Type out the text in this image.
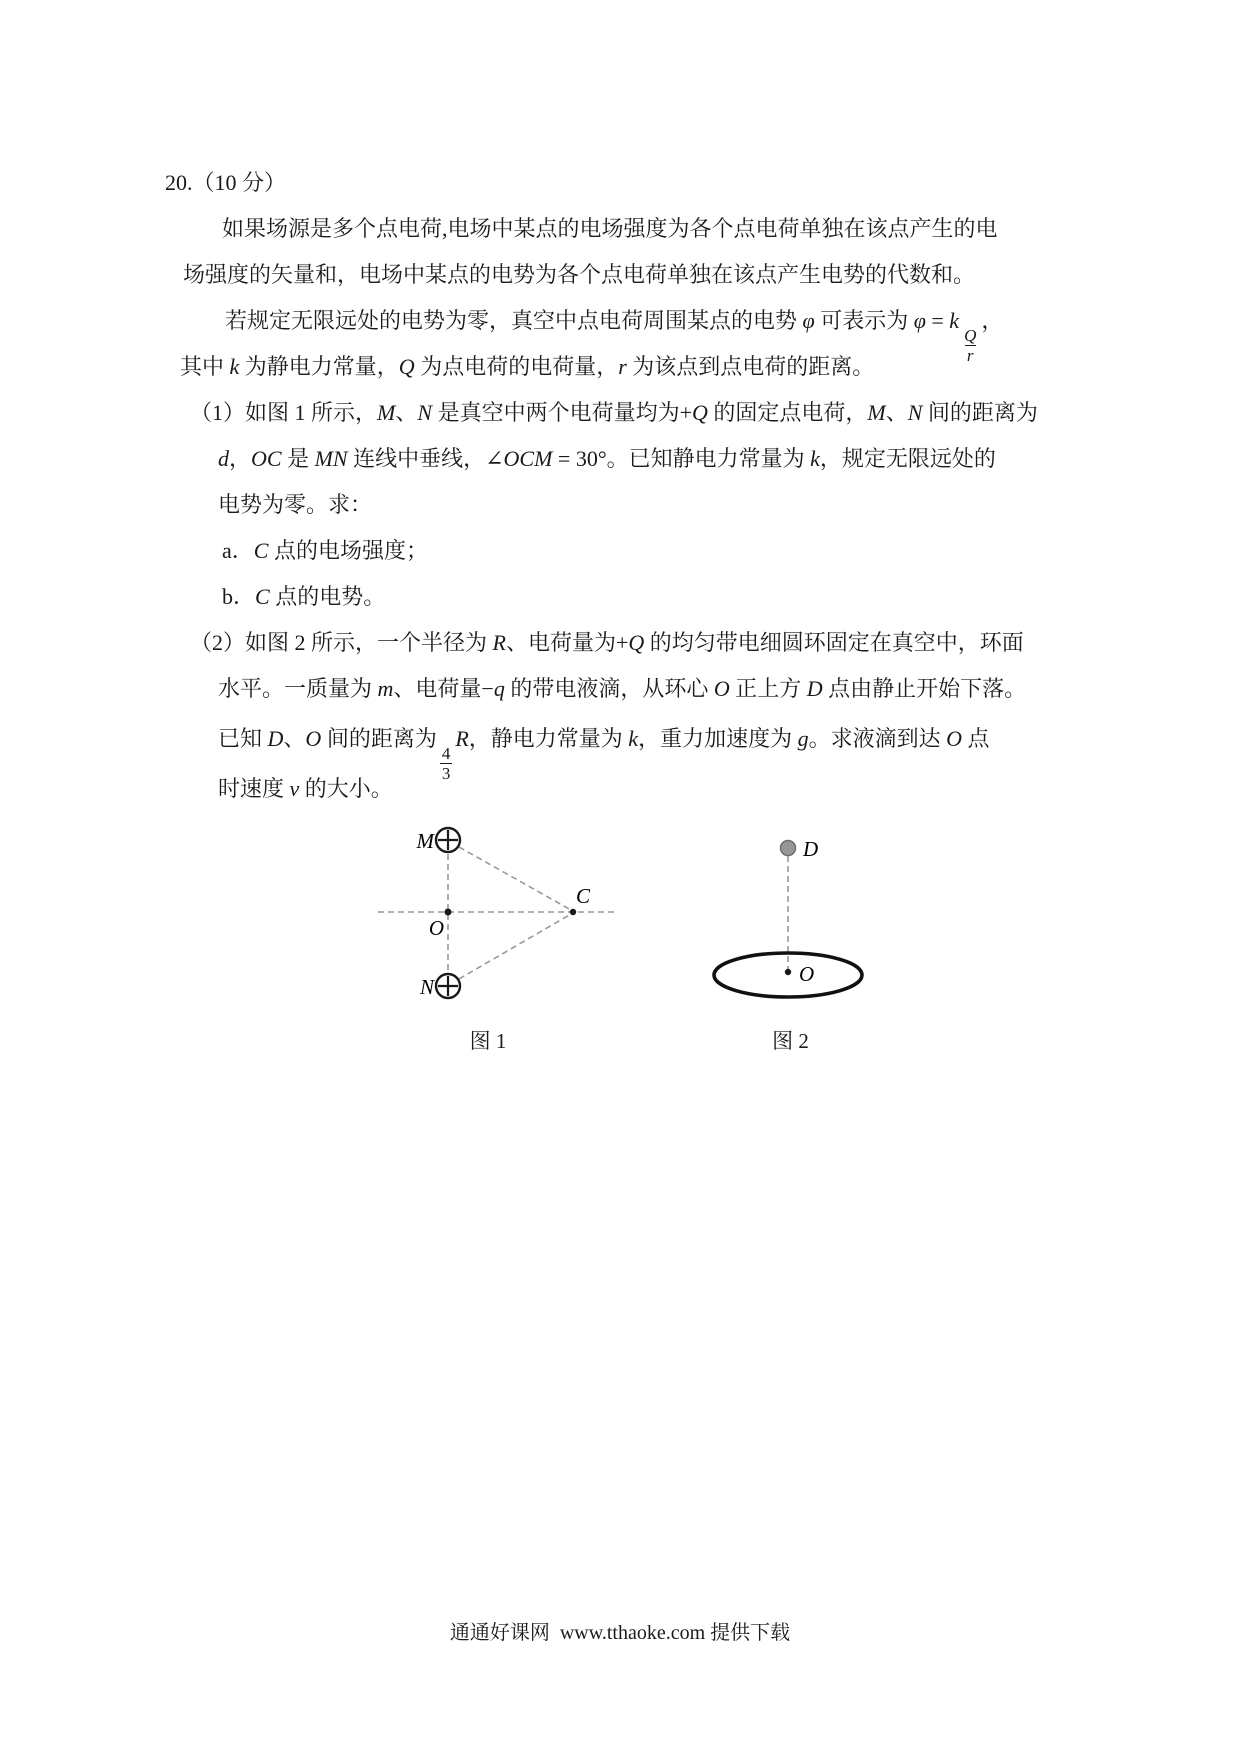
20.（10 分）
如果场源是多个点电荷,电场中某点的电场强度为各个点电荷单独在该点产生的电
场强度的矢量和，电场中某点的电势为各个点电荷单独在该点产生电势的代数和。
若规定无限远处的电势为零，真空中点电荷周围某点的电势 φ 可表示为 φ = k
$\frac{Q}{r}$
，
其中 k 为静电力常量，Q 为点电荷的电荷量，r 为该点到点电荷的距离。
（1）如图 1 所示，M、N 是真空中两个电荷量均为+Q 的固定点电荷，M、N 间的距离为
d，OC 是 MN 连线中垂线，∠OCM = 30°。已知静电力常量为 k，规定无限远处的
电势为零。求：
a．C 点的电场强度；
b．C 点的电势。
（2）如图 2 所示，一个半径为 R、电荷量为+Q 的均匀带电细圆环固定在真空中，环面
水平。一质量为 m、电荷量−q 的带电液滴，从环心 O 正上方 D 点由静止开始下落。
已知 D、O 间的距离为
$\frac{4}{3}$
R，静电力常量为 k，重力加速度为 g。求液滴到达 O 点
时速度 v 的大小。
M
N
O
C
图 1
D
O
图 2
通通好课网  www.tthaoke.com 提供下载
